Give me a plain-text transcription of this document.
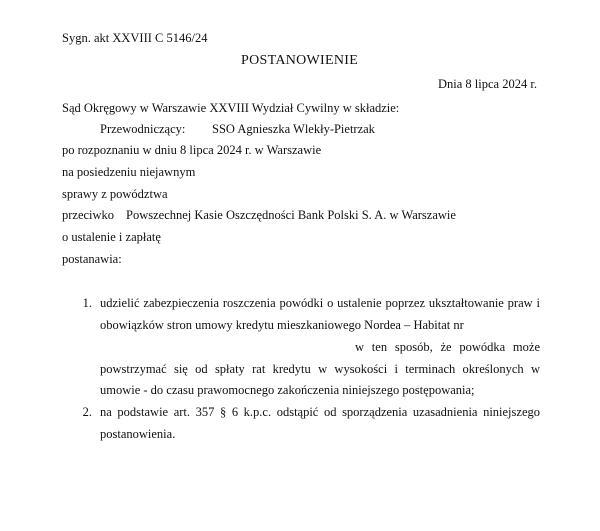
Sygn. akt XXVIII C 5146/24
POSTANOWIENIE
Dnia 8 lipca 2024 r.
Sąd Okręgowy w Warszawie XXVIII Wydział Cywilny w składzie:
Przewodniczący: SSO Agnieszka Wlekły-Pietrzak
po rozpoznaniu w dniu 8 lipca 2024 r. w Warszawie
na posiedzeniu niejawnym
sprawy z powództwa
przeciwko Powszechnej Kasie Oszczędności Bank Polski S. A. w Warszawie
o ustalenie i zapłatę
postanawia:
1. udzielić zabezpieczenia roszczenia powódki o ustalenie poprzez ukształtowanie praw i
obowiązków stron umowy kredytu mieszkaniowego Nordea – Habitat nr
w ten sposób, że powódka może
powstrzymać się od spłaty rat kredytu w wysokości i terminach określonych w
umowie - do czasu prawomocnego zakończenia niniejszego postępowania;
2. na podstawie art. 357 § 6 k.p.c. odstąpić od sporządzenia uzasadnienia niniejszego
postanowienia.
